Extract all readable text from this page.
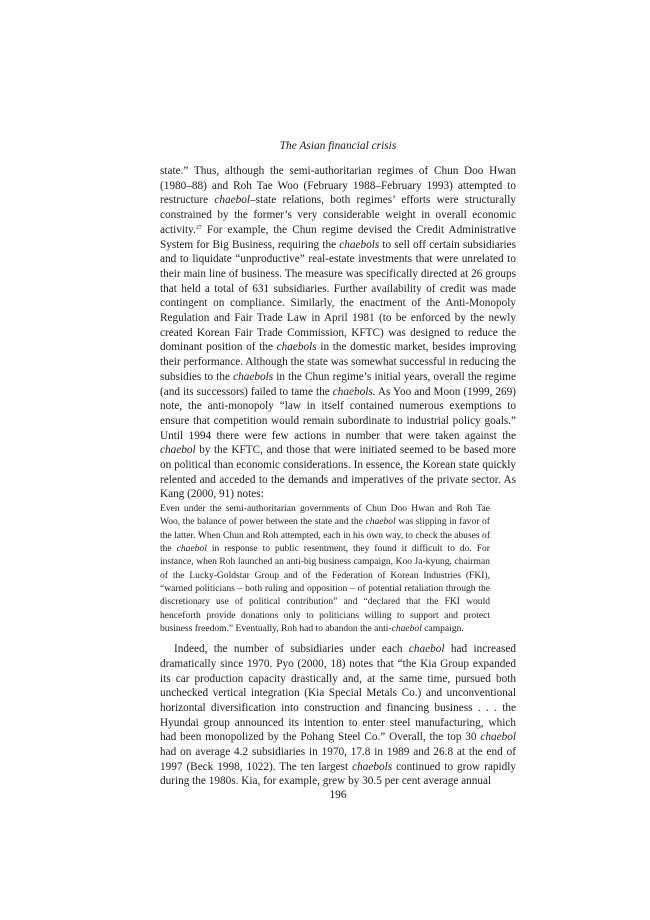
The Asian financial crisis

state.” Thus, although the semi-authoritarian regimes of Chun Doo Hwan (1980–88) and Roh Tae Woo (February 1988–February 1993) attempted to restructure chaebol–state relations, both regimes’ efforts were structurally constrained by the former’s very considerable weight in overall economic activity.$^{27}$ For example, the Chun regime devised the Credit Administrative System for Big Business, requiring the chaebols to sell off certain subsidiaries and to liquidate “unproductive” real-estate investments that were unrelated to their main line of business. The measure was specifically directed at 26 groups that held a total of 631 subsidiaries. Further availability of credit was made contingent on compliance. Similarly, the enactment of the Anti-Monopoly Regulation and Fair Trade Law in April 1981 (to be enforced by the newly created Korean Fair Trade Commission, KFTC) was designed to reduce the dominant position of the chaebols in the domestic market, besides improving their performance. Although the state was somewhat successful in reducing the subsidies to the chaebols in the Chun regime’s initial years, overall the regime (and its successors) failed to tame the chaebols. As Yoo and Moon (1999, 269) note, the anti-monopoly “law in itself contained numerous exemptions to ensure that competition would remain subordinate to industrial policy goals.” Until 1994 there were few actions in number that were taken against the chaebol by the KFTC, and those that were initiated seemed to be based more on political than economic considerations. In essence, the Korean state quickly relented and acceded to the demands and imperatives of the private sector. As Kang (2000, 91) notes:

Even under the semi-authoritarian governments of Chun Doo Hwan and Roh Tae Woo, the balance of power between the state and the chaebol was slipping in favor of the latter. When Chun and Roh attempted, each in his own way, to check the abuses of the chaebol in response to public resentment, they found it difficult to do. For instance, when Roh launched an anti-big business campaign, Koo Ja-kyung, chairman of the Lucky-Goldstar Group and of the Federation of Korean Industries (FKI), “warned politicians – both ruling and opposition – of potential retaliation through the discretionary use of political contribution” and “declared that the FKI would henceforth provide donations only to politicians willing to support and protect business freedom.” Eventually, Roh had to abandon the anti-chaebol campaign.

Indeed, the number of subsidiaries under each chaebol had increased dramatically since 1970. Pyo (2000, 18) notes that “the Kia Group expanded its car production capacity drastically and, at the same time, pursued both unchecked vertical integration (Kia Special Metals Co.) and unconventional horizontal diversification into construction and financing business . . . the Hyundai group announced its intention to enter steel manufacturing, which had been monopolized by the Pohang Steel Co.” Overall, the top 30 chaebol had on average 4.2 subsidiaries in 1970, 17.8 in 1989 and 26.8 at the end of 1997 (Beck 1998, 1022). The ten largest chaebols continued to grow rapidly during the 1980s. Kia, for example, grew by 30.5 per cent average annual

196
